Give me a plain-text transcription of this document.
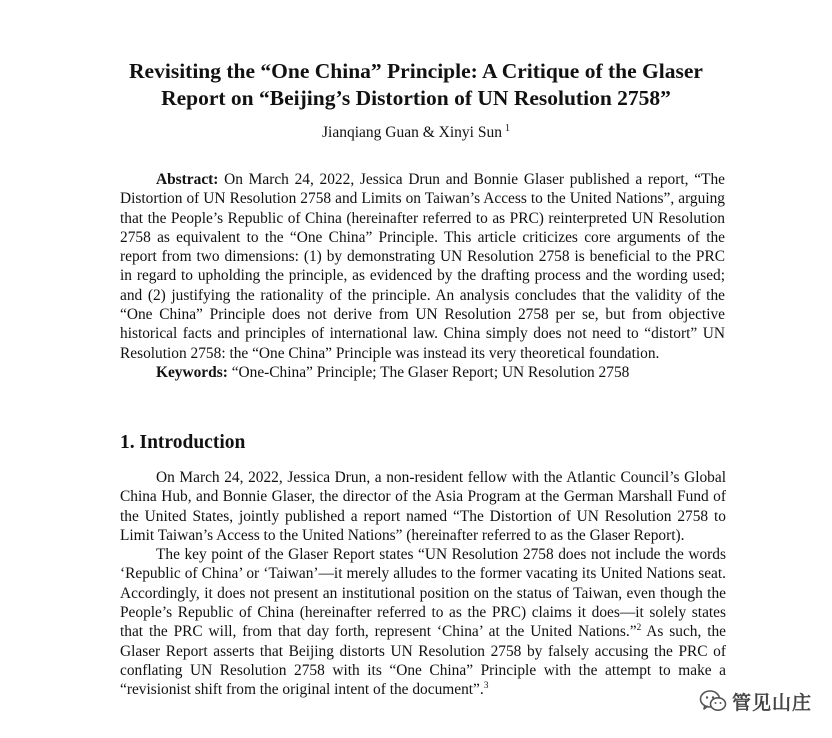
Revisiting the “One China” Principle: A Critique of the Glaser
Report on “Beijing’s Distortion of UN Resolution 2758”
Jianqiang Guan & Xinyi Sun $^1$

Abstract: On March 24, 2022, Jessica Drun and Bonnie Glaser published a report, “The Distortion of UN Resolution 2758 and Limits on Taiwan’s Access to the United Nations”, arguing that the People’s Republic of China (hereinafter referred to as PRC) reinterpreted UN Resolution 2758 as equivalent to the “One China” Principle. This article criticizes core arguments of the report from two dimensions: (1) by demonstrating UN Resolution 2758 is beneficial to the PRC in regard to upholding the principle, as evidenced by the drafting process and the wording used; and (2) justifying the rationality of the principle. An analysis concludes that the validity of the “One China” Principle does not derive from UN Resolution 2758 per se, but from objective historical facts and principles of international law. China simply does not need to “distort” UN Resolution 2758: the “One China” Principle was instead its very theoretical foundation.

Keywords: “One-China” Principle; The Glaser Report; UN Resolution 2758

1. Introduction

On March 24, 2022, Jessica Drun, a non-resident fellow with the Atlantic Council’s Global China Hub, and Bonnie Glaser, the director of the Asia Program at the German Marshall Fund of the United States, jointly published a report named “The Distortion of UN Resolution 2758 to Limit Taiwan’s Access to the United Nations” (hereinafter referred to as the Glaser Report).

The key point of the Glaser Report states “UN Resolution 2758 does not include the words ‘Republic of China’ or ‘Taiwan’—it merely alludes to the former vacating its United Nations seat. Accordingly, it does not present an institutional position on the status of Taiwan, even though the People’s Republic of China (hereinafter referred to as the PRC) claims it does—it solely states that the PRC will, from that day forth, represent ‘China’ at the United Nations.”$^2$ As such, the Glaser Report asserts that Beijing distorts UN Resolution 2758 by falsely accusing the PRC of conflating UN Resolution 2758 with its “One China” Principle with the attempt to make a “revisionist shift from the original intent of the document”.$^3$

管见山庄
